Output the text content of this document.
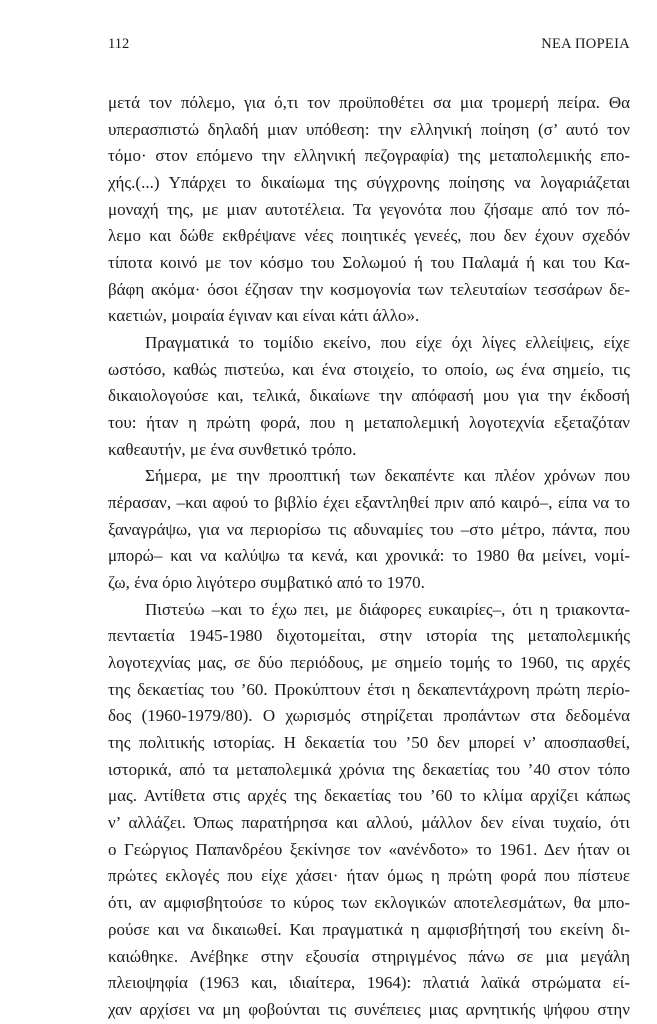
112	ΝΕΑ ΠΟΡΕΙΑ
μετά τον πόλεμο, για ό,τι τον προϋποθέτει σα μια τρομερή πείρα. Θα
υπερασπιστώ δηλαδή μιαν υπόθεση: την ελληνική ποίηση (σ’ αυτό τον
τόμο· στον επόμενο την ελληνική πεζογραφία) της μεταπολεμικής επο-
χής.(...) Υπάρχει το δικαίωμα της σύγχρονης ποίησης να λογαριάζεται
μοναχή της, με μιαν αυτοτέλεια. Τα γεγονότα που ζήσαμε από τον πό-
λεμο και δώθε εκθρέψανε νέες ποιητικές γενεές, που δεν έχουν σχεδόν
τίποτα κοινό με τον κόσμο του Σολωμού ή του Παλαμά ή και του Κα-
βάφη ακόμα· όσοι έζησαν την κοσμογονία των τελευταίων τεσσάρων δε-
καετιών, μοιραία έγιναν και είναι κάτι άλλο».
Πραγματικά το τομίδιο εκείνο, που είχε όχι λίγες ελλείψεις, είχε
ωστόσο, καθώς πιστεύω, και ένα στοιχείο, το οποίο, ως ένα σημείο, τις
δικαιολογούσε και, τελικά, δικαίωνε την απόφασή μου για την έκδοσή
του: ήταν η πρώτη φορά, που η μεταπολεμική λογοτεχνία εξεταζόταν
καθεαυτήν, με ένα συνθετικό τρόπο.
Σήμερα, με την προοπτική των δεκαπέντε και πλέον χρόνων που
πέρασαν, –και αφού το βιβλίο έχει εξαντληθεί πριν από καιρό–, είπα να το
ξαναγράψω, για να περιορίσω τις αδυναμίες του –στο μέτρο, πάντα, που
μπορώ– και να καλύψω τα κενά, και χρονικά: το 1980 θα μείνει, νομί-
ζω, ένα όριο λιγότερο συμβατικό από το 1970.
Πιστεύω –και το έχω πει, με διάφορες ευκαιρίες–, ότι η τριακοντα-
πενταετία 1945-1980 διχοτομείται, στην ιστορία της μεταπολεμικής
λογοτεχνίας μας, σε δύο περιόδους, με σημείο τομής το 1960, τις αρχές
της δεκαετίας του ’60. Προκύπτουν έτσι η δεκαπεντάχρονη πρώτη περίο-
δος (1960-1979/80). Ο χωρισμός στηρίζεται προπάντων στα δεδομένα
της πολιτικής ιστορίας. Η δεκαετία του ’50 δεν μπορεί ν’ αποσπασθεί,
ιστορικά, από τα μεταπολεμικά χρόνια της δεκαετίας του ’40 στον τόπο
μας. Αντίθετα στις αρχές της δεκαετίας του ’60 το κλίμα αρχίζει κάπως
ν’ αλλάζει. Όπως παρατήρησα και αλλού, μάλλον δεν είναι τυχαίο, ότι
ο Γεώργιος Παπανδρέου ξεκίνησε τον «ανένδοτο» το 1961. Δεν ήταν οι
πρώτες εκλογές που είχε χάσει· ήταν όμως η πρώτη φορά που πίστευε
ότι, αν αμφισβητούσε το κύρος των εκλογικών αποτελεσμάτων, θα μπο-
ρούσε και να δικαιωθεί. Και πραγματικά η αμφισβήτησή του εκείνη δι-
καιώθηκε. Ανέβηκε στην εξουσία στηριγμένος πάνω σε μια μεγάλη
πλειοψηφία (1963 και, ιδιαίτερα, 1964): πλατιά λαϊκά στρώματα εί-
χαν αρχίσει να μη φοβούνται τις συνέπειες μιας αρνητικής ψήφου στην
